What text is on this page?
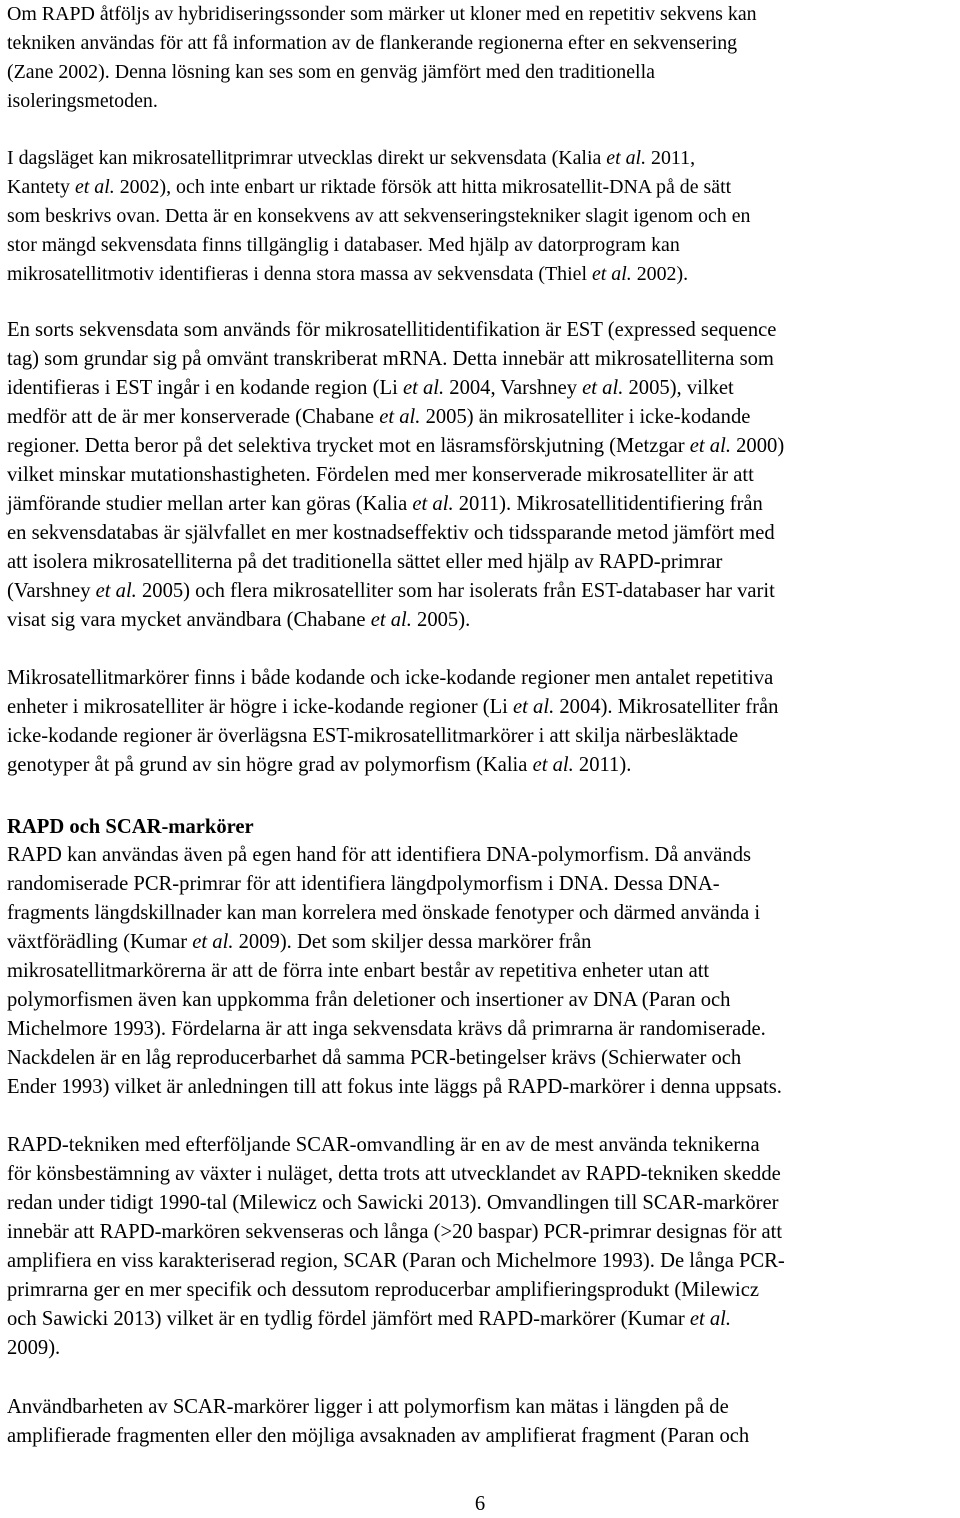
Om RAPD åtföljs av hybridiseringssonder som märker ut kloner med en repetitiv sekvens kan
tekniken användas för att få information av de flankerande regionerna efter en sekvensering
(Zane 2002). Denna lösning kan ses som en genväg jämfört med den traditionella
isoleringsmetoden.
I dagsläget kan mikrosatellitprimrar utvecklas direkt ur sekvensdata (Kalia et al. 2011,
Kantety et al. 2002), och inte enbart ur riktade försök att hitta mikrosatellit-DNA på de sätt
som beskrivs ovan. Detta är en konsekvens av att sekvenseringstekniker slagit igenom och en
stor mängd sekvensdata finns tillgänglig i databaser. Med hjälp av datorprogram kan
mikrosatellitmotiv identifieras i denna stora massa av sekvensdata (Thiel et al. 2002).
En sorts sekvensdata som används för mikrosatellitidentifikation är EST (expressed sequence
tag) som grundar sig på omvänt transkriberat mRNA. Detta innebär att mikrosatelliterna som
identifieras i EST ingår i en kodande region (Li et al. 2004, Varshney et al. 2005), vilket
medför att de är mer konserverade (Chabane et al. 2005) än mikrosatelliter i icke-kodande
regioner. Detta beror på det selektiva trycket mot en läsramsförskjutning (Metzgar et al. 2000)
vilket minskar mutationshastigheten. Fördelen med mer konserverade mikrosatelliter är att
jämförande studier mellan arter kan göras (Kalia et al. 2011). Mikrosatellitidentifiering från
en sekvensdatabas är självfallet en mer kostnadseffektiv och tidssparande metod jämfört med
att isolera mikrosatelliterna på det traditionella sättet eller med hjälp av RAPD-primrar
(Varshney et al. 2005) och flera mikrosatelliter som har isolerats från EST-databaser har varit
visat sig vara mycket användbara (Chabane et al. 2005).
Mikrosatellitmarkörer finns i både kodande och icke-kodande regioner men antalet repetitiva
enheter i mikrosatelliter är högre i icke-kodande regioner (Li et al. 2004). Mikrosatelliter från
icke-kodande regioner är överlägsna EST-mikrosatellitmarkörer i att skilja närbesläktade
genotyper åt på grund av sin högre grad av polymorfism (Kalia et al. 2011).
RAPD och SCAR-markörer
RAPD kan användas även på egen hand för att identifiera DNA-polymorfism. Då används
randomiserade PCR-primrar för att identifiera längdpolymorfism i DNA. Dessa DNA-
fragments längdskillnader kan man korrelera med önskade fenotyper och därmed använda i
växtförädling (Kumar et al. 2009). Det som skiljer dessa markörer från
mikrosatellitmarkörerna är att de förra inte enbart består av repetitiva enheter utan att
polymorfismen även kan uppkomma från deletioner och insertioner av DNA (Paran och
Michelmore 1993). Fördelarna är att inga sekvensdata krävs då primrarna är randomiserade.
Nackdelen är en låg reproducerbarhet då samma PCR-betingelser krävs (Schierwater och
Ender 1993) vilket är anledningen till att fokus inte läggs på RAPD-markörer i denna uppsats.
RAPD-tekniken med efterföljande SCAR-omvandling är en av de mest använda teknikerna
för könsbestämning av växter i nuläget, detta trots att utvecklandet av RAPD-tekniken skedde
redan under tidigt 1990-tal (Milewicz och Sawicki 2013). Omvandlingen till SCAR-markörer
innebär att RAPD-markören sekvenseras och långa (>20 baspar) PCR-primrar designas för att
amplifiera en viss karakteriserad region, SCAR (Paran och Michelmore 1993). De långa PCR-
primrarna ger en mer specifik och dessutom reproducerbar amplifieringsprodukt (Milewicz
och Sawicki 2013) vilket är en tydlig fördel jämfört med RAPD-markörer (Kumar et al.
2009).
Användbarheten av SCAR-markörer ligger i att polymorfism kan mätas i längden på de
amplifierade fragmenten eller den möjliga avsaknaden av amplifierat fragment (Paran och
6
